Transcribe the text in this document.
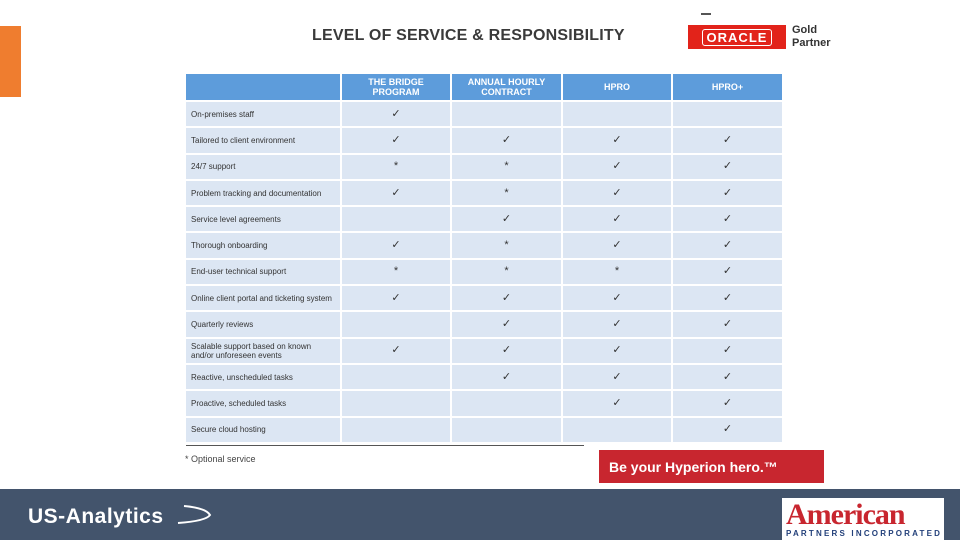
LEVEL OF SERVICE & RESPONSIBILITY	ORACLE	Gold Partner
	THE BRIDGE PROGRAM	ANNUAL HOURLY CONTRACT	HPRO	HPRO+
On-premises staff	✓			
Tailored to client environment	✓	✓	✓	✓
24/7 support	*	*	✓	✓
Problem tracking and documentation	✓	*	✓	✓
Service level agreements		✓	✓	✓
Thorough onboarding	✓	*	✓	✓
End-user technical support	*	*	*	✓
Online client portal and ticketing system	✓	✓	✓	✓
Quarterly reviews		✓	✓	✓
Scalable support based on known and/or unforeseen events	✓	✓	✓	✓
Reactive, unscheduled tasks		✓	✓	✓
Proactive, scheduled tasks			✓	✓
Secure cloud hosting				✓
* Optional service	Be your Hyperion hero.™
US-Analytics	American
PARTNERS INCORPORATED
